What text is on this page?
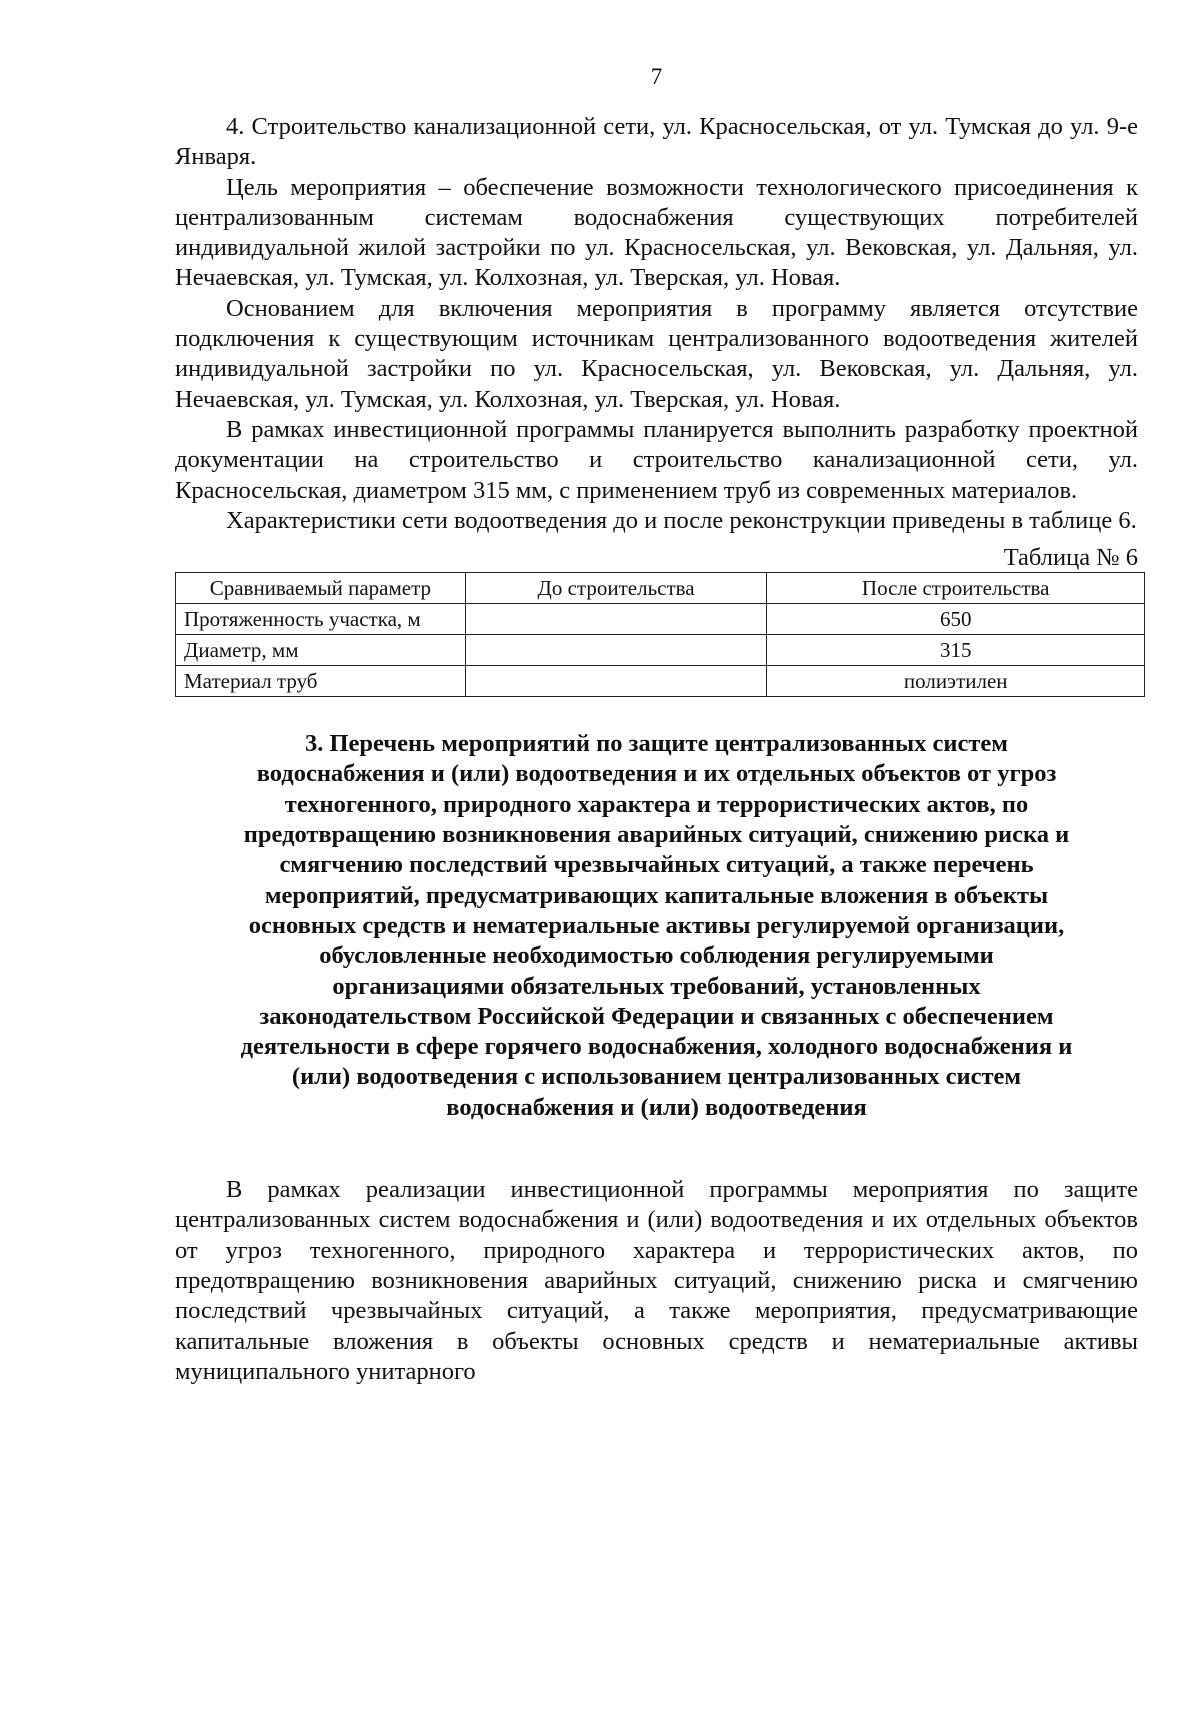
7

4. Строительство канализационной сети, ул. Красносельская, от ул. Тумская до ул. 9-е Января.

Цель мероприятия – обеспечение возможности технологического присоединения к централизованным системам водоснабжения существующих потребителей индивидуальной жилой застройки по ул. Красносельская, ул. Вековская, ул. Дальняя, ул. Нечаевская, ул. Тумская, ул. Колхозная, ул. Тверская, ул. Новая.

Основанием для включения мероприятия в программу является отсутствие подключения к существующим источникам централизованного водоотведения жителей индивидуальной застройки по ул. Красносельская, ул. Вековская, ул. Дальняя, ул. Нечаевская, ул. Тумская, ул. Колхозная, ул. Тверская, ул. Новая.

В рамках инвестиционной программы планируется выполнить разработку проектной документации на строительство и строительство канализационной сети, ул. Красносельская, диаметром 315 мм, с применением труб из современных материалов.

Характеристики сети водоотведения до и после реконструкции приведены в таблице 6.

Таблица № 6
Сравниваемый параметр	До строительства	После строительства
Протяженность участка, м		650
Диаметр, мм		315
Материал труб		полиэтилен
3. Перечень мероприятий по защите централизованных систем
водоснабжения и (или) водоотведения и их отдельных объектов от угроз
техногенного, природного характера и террористических актов, по
предотвращению возникновения аварийных ситуаций, снижению риска и
смягчению последствий чрезвычайных ситуаций, а также перечень
мероприятий, предусматривающих капитальные вложения в объекты
основных средств и нематериальные активы регулируемой организации,
обусловленные необходимостью соблюдения регулируемыми
организациями обязательных требований, установленных
законодательством Российской Федерации и связанных с обеспечением
деятельности в сфере горячего водоснабжения, холодного водоснабжения и
(или) водоотведения с использованием централизованных систем
водоснабжения и (или) водоотведения

В рамках реализации инвестиционной программы мероприятия по защите централизованных систем водоснабжения и (или) водоотведения и их отдельных объектов от угроз техногенного, природного характера и террористических актов, по предотвращению возникновения аварийных ситуаций, снижению риска и смягчению последствий чрезвычайных ситуаций, а также мероприятия, предусматривающие капитальные вложения в объекты основных средств и нематериальные активы муниципального унитарного
